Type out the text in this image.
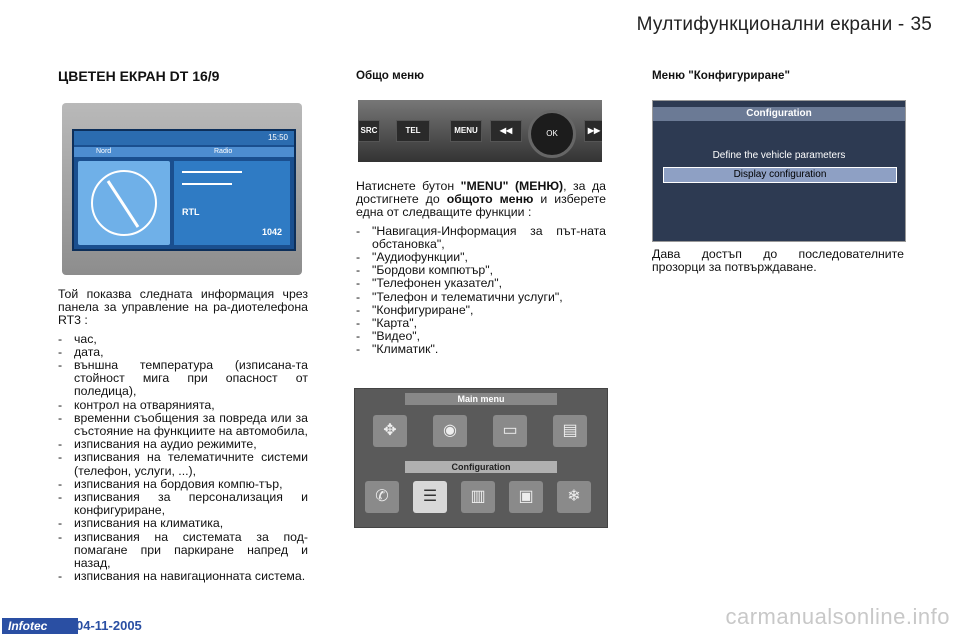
Мултифункционални екрани - 35
ЦВЕТЕН ЕКРАН DT 16/9
15:50
Nord	Radio
RTL
1042
Той показва следната информация чрез панела за управление на ра-диотелефона RT3 :
- час,
- дата,
- външна температура (изписана-та стойност мига при опасност от поледица),
- контрол на отварянията,
- временни съобщения за повреда или за състояние на функциите на автомобила,
- изписвания на аудио режимите,
- изписвания на телематичните системи (телефон, услуги, ...),
- изписвания на бордовия компю-тър,
- изписвания за персонализация и конфигуриране,
- изписвания на климатика,
- изписвания на системата за под-помагане при паркиране напред и назад,
- изписвания на навигационната система.
Общо меню
SRC	TEL	MENU	◀◀	OK	▶▶
Натиснете бутон "MENU" (МЕНЮ), за да достигнете до общото меню и изберете една от следващите функции :
- "Навигация-Информация за път-ната обстановка",
- "Аудиофункции",
- "Бордови компютър",
- "Телефонен указател",
- "Телефон и телематични услуги",
- "Конфигуриране",
- "Карта",
- "Видео",
- "Климатик".
Main menu
✥	◉	▭	▤
Configuration
✆	☰	▥	▣	❄
Меню "Конфигуриране"
Configuration
Define the vehicle parameters
Display configuration
Дава достъп до последователните прозорци за потвърждаване.
Infotec	04-11-2005	carmanualsonline.info
